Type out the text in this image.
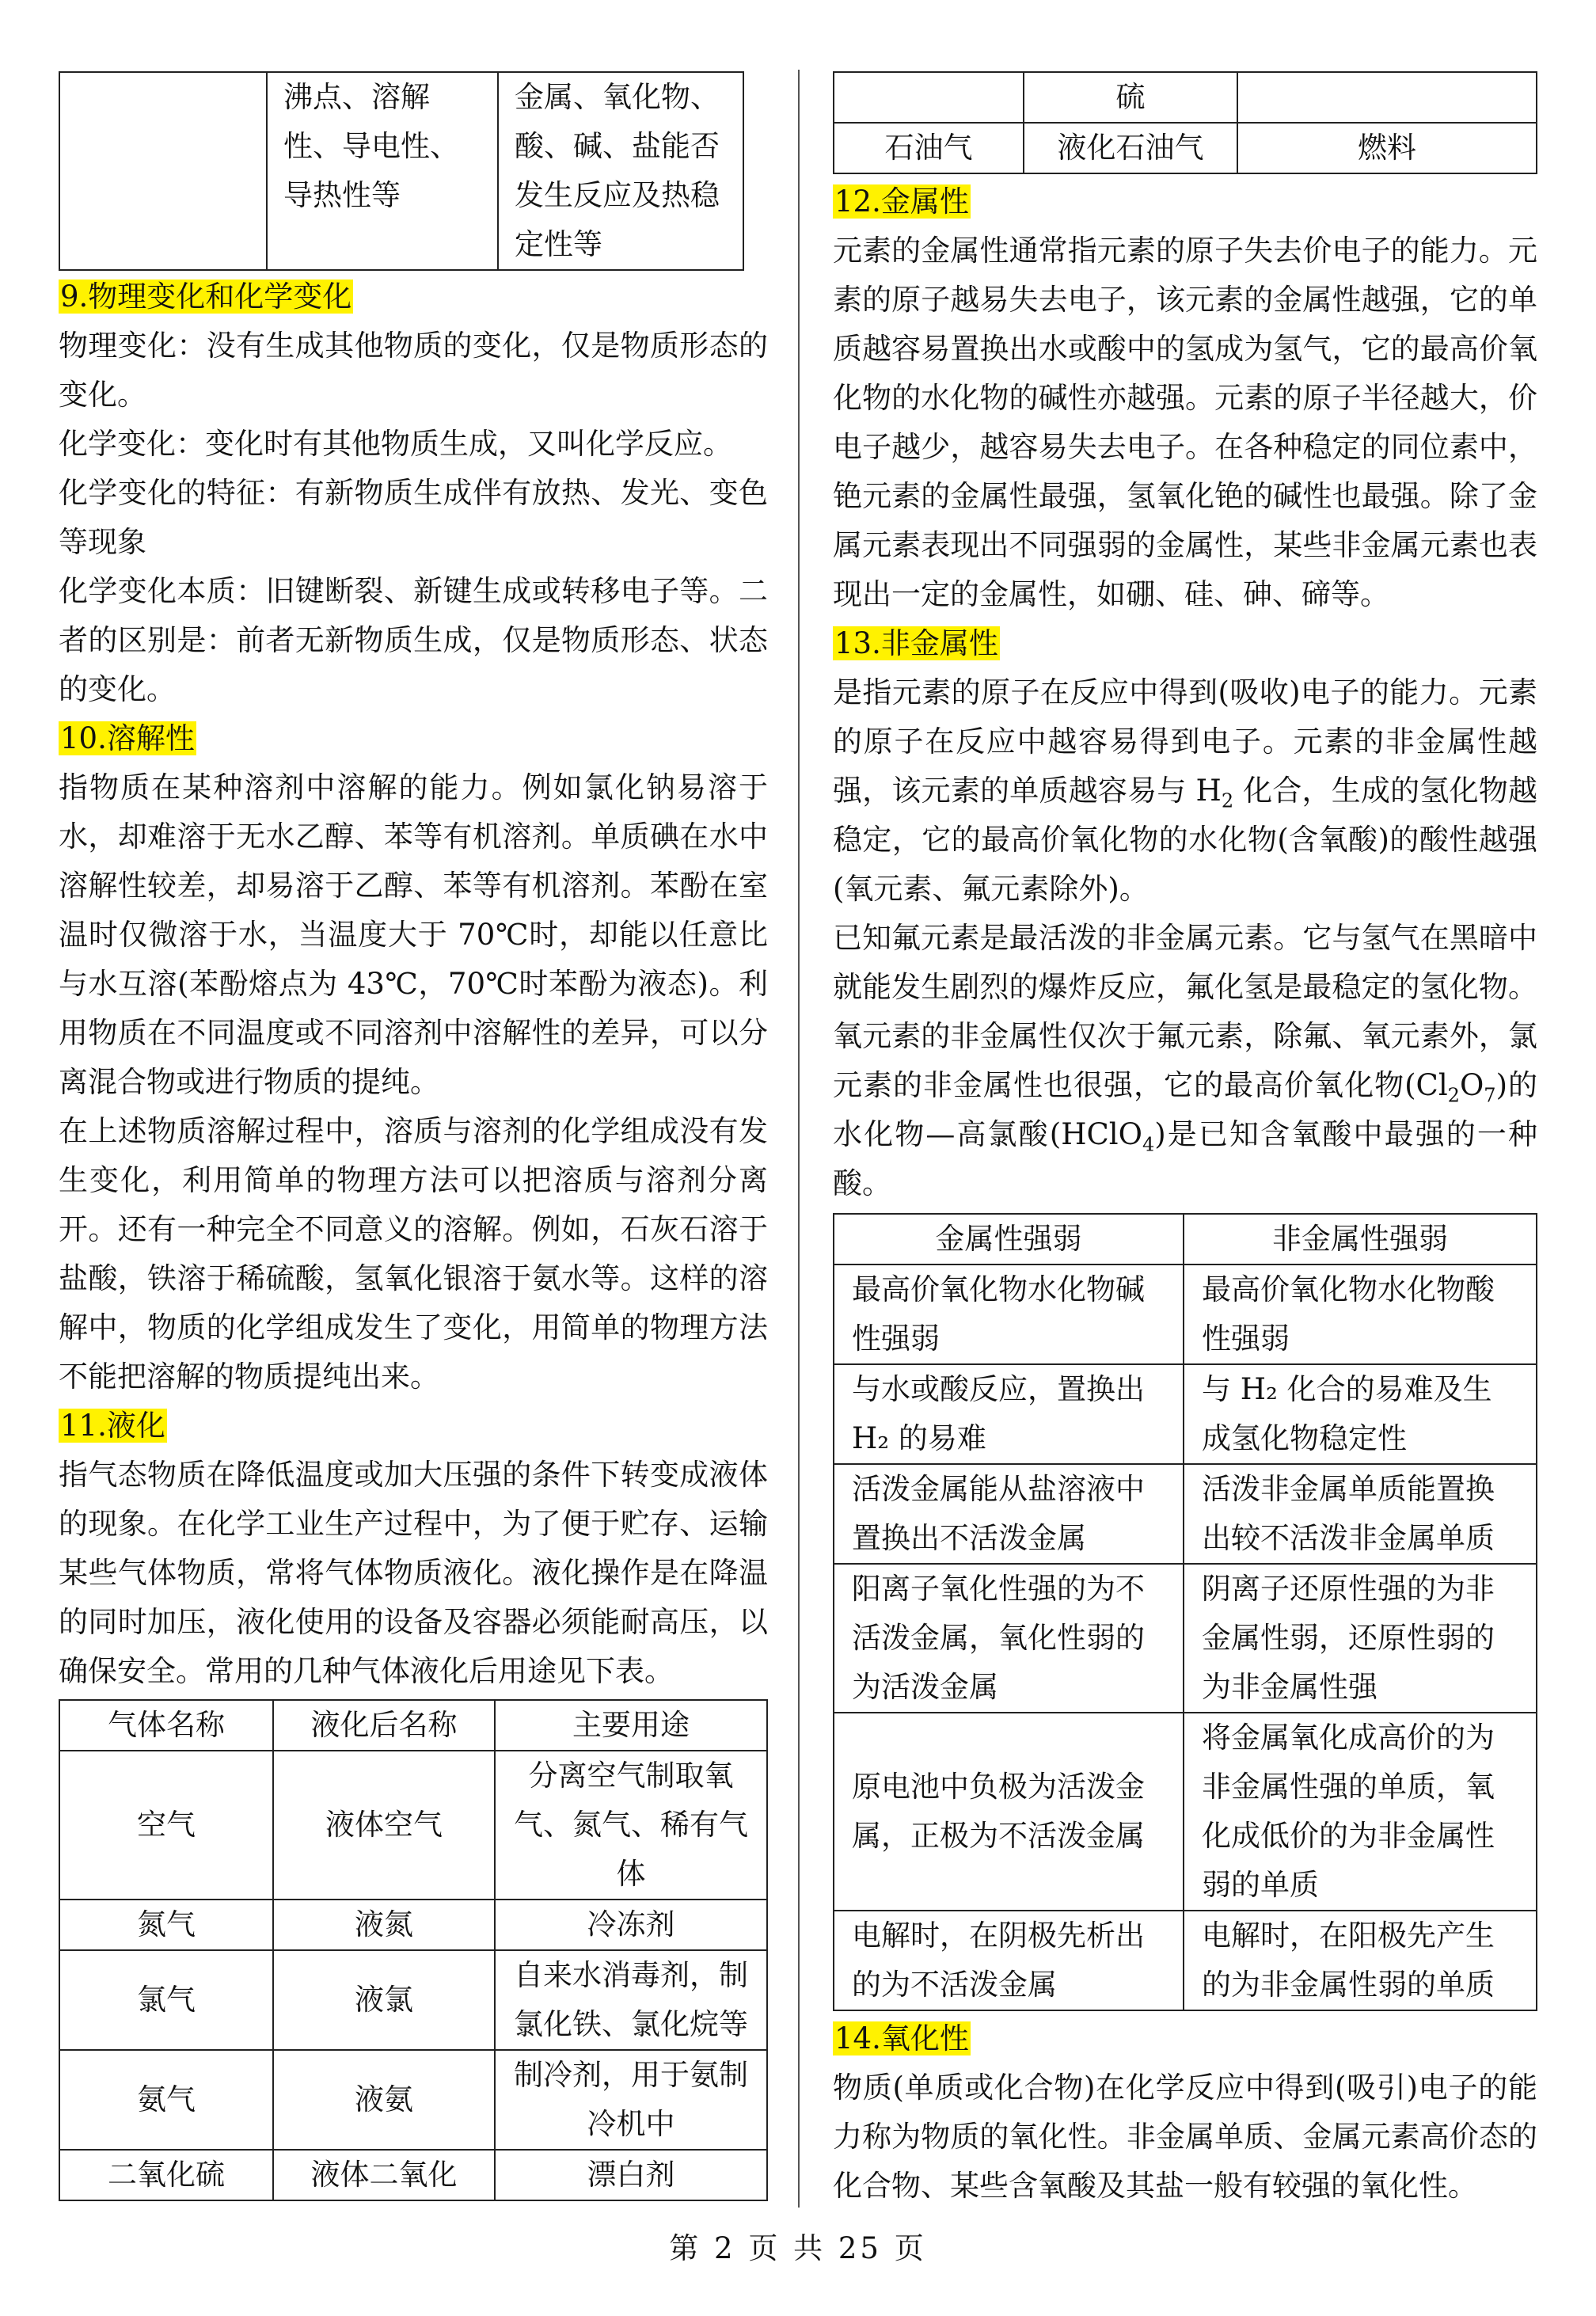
	沸点、溶解性、导电性、导热性等	金属、氧化物、酸、碱、盐能否发生反应及热稳定性等
9.物理变化和化学变化

物理变化：没有生成其他物质的变化，仅是物质形态的变化。

化学变化：变化时有其他物质生成，又叫化学反应。

化学变化的特征：有新物质生成伴有放热、发光、变色等现象

化学变化本质：旧键断裂、新键生成或转移电子等。二者的区别是：前者无新物质生成，仅是物质形态、状态的变化。

10.溶解性

指物质在某种溶剂中溶解的能力。例如氯化钠易溶于水，却难溶于无水乙醇、苯等有机溶剂。单质碘在水中溶解性较差，却易溶于乙醇、苯等有机溶剂。苯酚在室温时仅微溶于水，当温度大于 70℃时，却能以任意比与水互溶(苯酚熔点为 43℃，70℃时苯酚为液态)。利用物质在不同温度或不同溶剂中溶解性的差异，可以分离混合物或进行物质的提纯。

在上述物质溶解过程中，溶质与溶剂的化学组成没有发生变化，利用简单的物理方法可以把溶质与溶剂分离开。还有一种完全不同意义的溶解。例如，石灰石溶于盐酸，铁溶于稀硫酸，氢氧化银溶于氨水等。这样的溶解中，物质的化学组成发生了变化，用简单的物理方法不能把溶解的物质提纯出来。

11.液化

指气态物质在降低温度或加大压强的条件下转变成液体的现象。在化学工业生产过程中，为了便于贮存、运输某些气体物质，常将气体物质液化。液化操作是在降温的同时加压，液化使用的设备及容器必须能耐高压，以确保安全。常用的几种气体液化后用途见下表。

气体名称	液化后名称	主要用途
空气	液体空气	分离空气制取氧气、氮气、稀有气体
氮气	液氮	冷冻剂
氯气	液氯	自来水消毒剂，制氯化铁、氯化烷等
氨气	液氨	制冷剂，用于氨制冷机中
二氧化硫	液体二氧化	漂白剂
	硫	
石油气	液化石油气	燃料
12.金属性

元素的金属性通常指元素的原子失去价电子的能力。元素的原子越易失去电子，该元素的金属性越强，它的单质越容易置换出水或酸中的氢成为氢气，它的最高价氧化物的水化物的碱性亦越强。元素的原子半径越大，价电子越少，越容易失去电子。在各种稳定的同位素中，铯元素的金属性最强，氢氧化铯的碱性也最强。除了金属元素表现出不同强弱的金属性，某些非金属元素也表现出一定的金属性，如硼、硅、砷、碲等。

13.非金属性

是指元素的原子在反应中得到(吸收)电子的能力。元素的原子在反应中越容易得到电子。元素的非金属性越强，该元素的单质越容易与 $H_2$ 化合，生成的氢化物越稳定，它的最高价氧化物的水化物(含氧酸)的酸性越强(氧元素、氟元素除外)。

已知氟元素是最活泼的非金属元素。它与氢气在黑暗中就能发生剧烈的爆炸反应，氟化氢是最稳定的氢化物。氧元素的非金属性仅次于氟元素，除氟、氧元素外，氯元素的非金属性也很强，它的最高价氧化物$(Cl_2O_7)$的水化物—高氯酸(HClO$_4$)是已知含氧酸中最强的一种酸。

金属性强弱	非金属性强弱
最高价氧化物水化物碱性强弱	最高价氧化物水化物酸性强弱
与水或酸反应，置换出 H₂ 的易难	与 H₂ 化合的易难及生成氢化物稳定性
活泼金属能从盐溶液中置换出不活泼金属	活泼非金属单质能置换出较不活泼非金属单质
阳离子氧化性强的为不活泼金属，氧化性弱的为活泼金属	阴离子还原性强的为非金属性弱，还原性弱的为非金属性强
原电池中负极为活泼金属，正极为不活泼金属	将金属氧化成高价的为非金属性强的单质，氧化成低价的为非金属性弱的单质
电解时，在阴极先析出的为不活泼金属	电解时，在阳极先产生的为非金属性弱的单质
14.氧化性

物质(单质或化合物)在化学反应中得到(吸引)电子的能力称为物质的氧化性。非金属单质、金属元素高价态的化合物、某些含氧酸及其盐一般有较强的氧化性。

第 2 页 共 25 页
